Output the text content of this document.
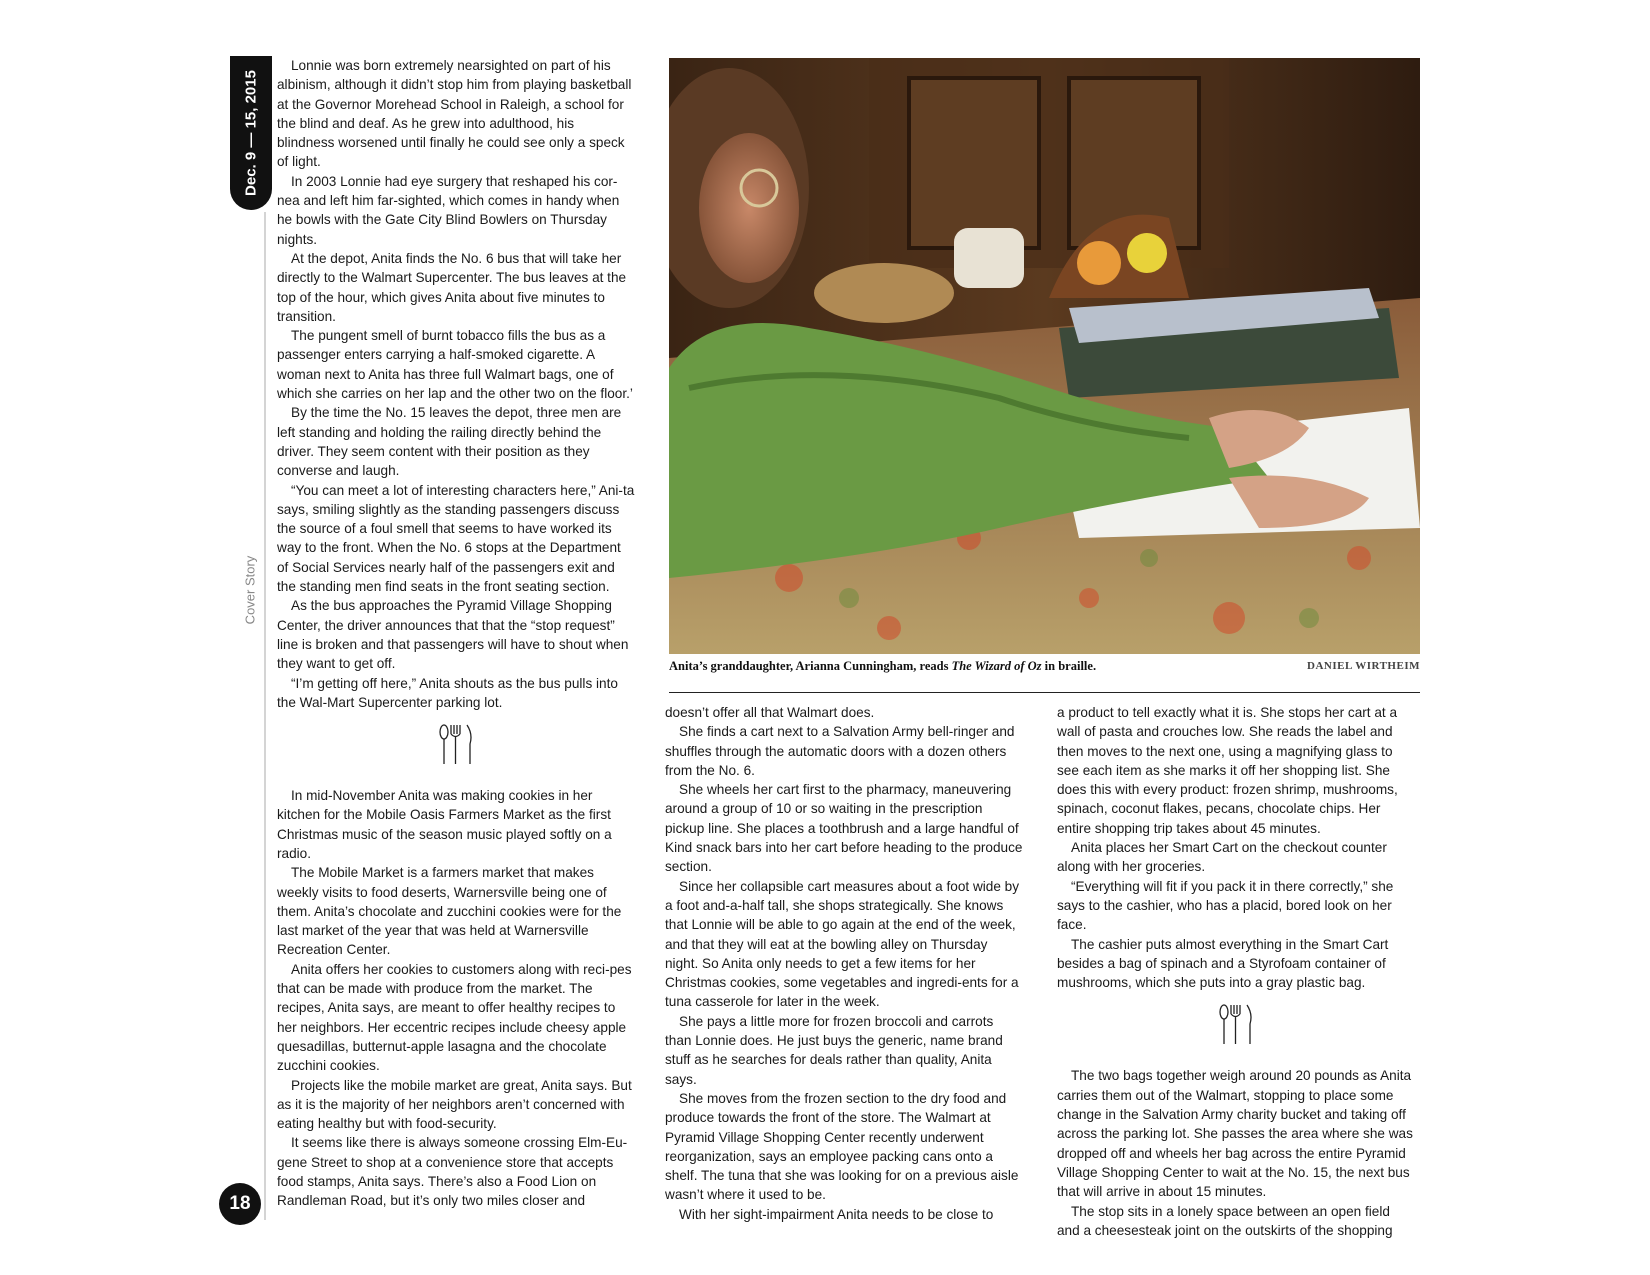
Dec. 9 — 15, 2015
Cover Story
18

Lonnie was born extremely nearsighted on part of his albinism, although it didn’t stop him from playing basketball at the Governor Morehead School in Raleigh, a school for the blind and deaf. As he grew into adulthood, his blindness worsened until finally he could see only a speck of light.

In 2003 Lonnie had eye surgery that reshaped his cor-nea and left him far-sighted, which comes in handy when he bowls with the Gate City Blind Bowlers on Thursday nights.

At the depot, Anita finds the No. 6 bus that will take her directly to the Walmart Supercenter. The bus leaves at the top of the hour, which gives Anita about five minutes to transition.

The pungent smell of burnt tobacco fills the bus as a passenger enters carrying a half-smoked cigarette. A woman next to Anita has three full Walmart bags, one of which she carries on her lap and the other two on the floor.’

By the time the No. 15 leaves the depot, three men are left standing and holding the railing directly behind the driver. They seem content with their position as they converse and laugh.

“You can meet a lot of interesting characters here,” Ani-ta says, smiling slightly as the standing passengers discuss the source of a foul smell that seems to have worked its way to the front. When the No. 6 stops at the Department of Social Services nearly half of the passengers exit and the standing men find seats in the front seating section.

As the bus approaches the Pyramid Village Shopping Center, the driver announces that that the “stop request” line is broken and that passengers will have to shout when they want to get off.

“I’m getting off here,” Anita shouts as the bus pulls into the Wal-Mart Supercenter parking lot.

In mid-November Anita was making cookies in her kitchen for the Mobile Oasis Farmers Market as the first Christmas music of the season music played softly on a radio.

The Mobile Market is a farmers market that makes weekly visits to food deserts, Warnersville being one of them. Anita’s chocolate and zucchini cookies were for the last market of the year that was held at Warnersville Recreation Center.

Anita offers her cookies to customers along with reci-pes that can be made with produce from the market. The recipes, Anita says, are meant to offer healthy recipes to her neighbors. Her eccentric recipes include cheesy apple quesadillas, butternut-apple lasagna and the chocolate zucchini cookies.

Projects like the mobile market are great, Anita says. But as it is the majority of her neighbors aren’t concerned with eating healthy but with food-security.

It seems like there is always someone crossing Elm-Eu-gene Street to shop at a convenience store that accepts food stamps, Anita says. There’s also a Food Lion on Randleman Road, but it’s only two miles closer and

Anita’s granddaughter, Arianna Cunningham, reads The Wizard of Oz in braille.	DANIEL WIRTHEIM

doesn’t offer all that Walmart does.

She finds a cart next to a Salvation Army bell-ringer and shuffles through the automatic doors with a dozen others from the No. 6.

She wheels her cart first to the pharmacy, maneuvering around a group of 10 or so waiting in the prescription pickup line. She places a toothbrush and a large handful of Kind snack bars into her cart before heading to the produce section.

Since her collapsible cart measures about a foot wide by a foot and-a-half tall, she shops strategically. She knows that Lonnie will be able to go again at the end of the week, and that they will eat at the bowling alley on Thursday night. So Anita only needs to get a few items for her Christmas cookies, some vegetables and ingredi-ents for a tuna casserole for later in the week.

She pays a little more for frozen broccoli and carrots than Lonnie does. He just buys the generic, name brand stuff as he searches for deals rather than quality, Anita says.

She moves from the frozen section to the dry food and produce towards the front of the store. The Walmart at Pyramid Village Shopping Center recently underwent reorganization, says an employee packing cans onto a shelf. The tuna that she was looking for on a previous aisle wasn’t where it used to be.

With her sight-impairment Anita needs to be close to

a product to tell exactly what it is. She stops her cart at a wall of pasta and crouches low. She reads the label and then moves to the next one, using a magnifying glass to see each item as she marks it off her shopping list. She does this with every product: frozen shrimp, mushrooms, spinach, coconut flakes, pecans, chocolate chips. Her entire shopping trip takes about 45 minutes.

Anita places her Smart Cart on the checkout counter along with her groceries.

“Everything will fit if you pack it in there correctly,” she says to the cashier, who has a placid, bored look on her face.

The cashier puts almost everything in the Smart Cart besides a bag of spinach and a Styrofoam container of mushrooms, which she puts into a gray plastic bag.

The two bags together weigh around 20 pounds as Anita carries them out of the Walmart, stopping to place some change in the Salvation Army charity bucket and taking off across the parking lot. She passes the area where she was dropped off and wheels her bag across the entire Pyramid Village Shopping Center to wait at the No. 15, the next bus that will arrive in about 15 minutes.

The stop sits in a lonely space between an open field and a cheesesteak joint on the outskirts of the shopping
